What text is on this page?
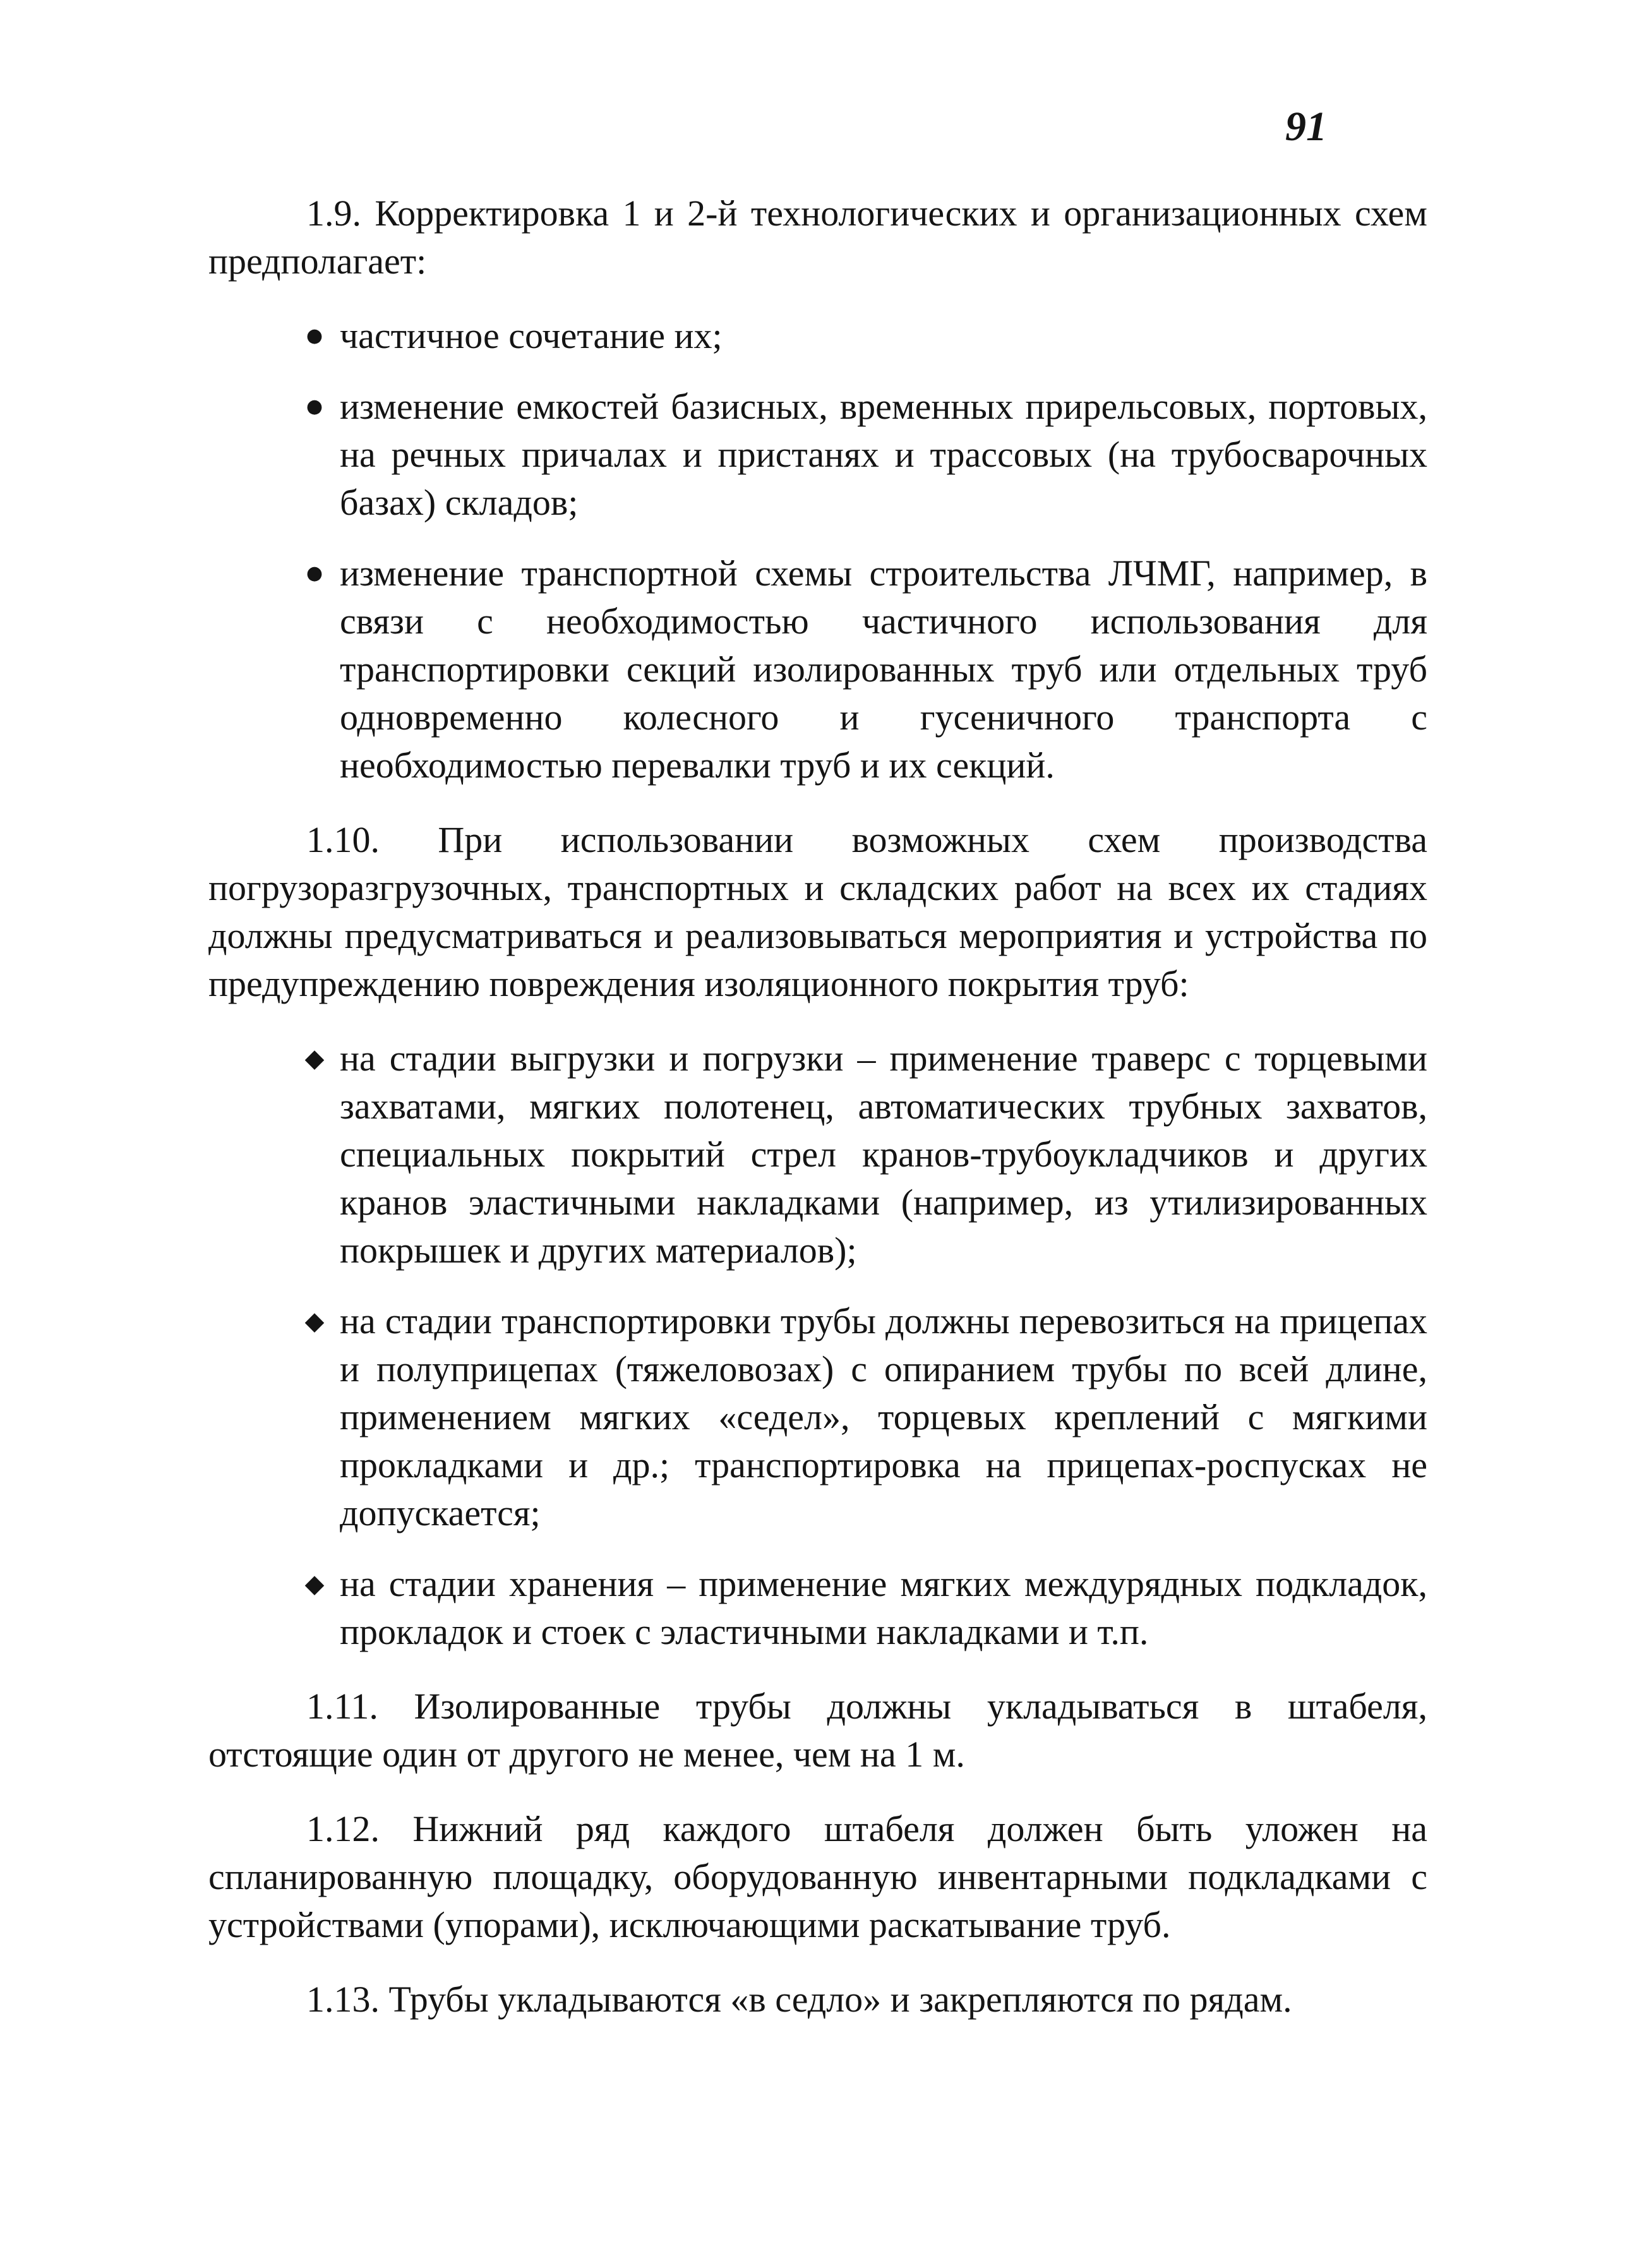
91

1.9. Корректировка 1 и 2-й технологических и организационных схем предполагает:

● частичное сочетание их;
● изменение емкостей базисных, временных прирельсовых, портовых, на речных причалах и пристанях и трассовых (на трубосварочных базах) складов;
● изменение транспортной схемы строительства ЛЧМГ, например, в связи с необходимостью частичного использования для транспортировки секций изолированных труб или отдельных труб одновременно колесного и гусеничного транспорта с необходимостью перевалки труб и их секций.

1.10. При использовании возможных схем производства погрузоразгрузочных, транспортных и складских работ на всех их стадиях должны предусматриваться и реализовываться мероприятия и устройства по предупреждению повреждения изоляционного покрытия труб:

◆ на стадии выгрузки и погрузки – применение траверс с торцевыми захватами, мягких полотенец, автоматических трубных захватов, специальных покрытий стрел кранов-трубоукладчиков и других кранов эластичными накладками (например, из утилизированных покрышек и других материалов);
◆ на стадии транспортировки трубы должны перевозиться на прицепах и полуприцепах (тяжеловозах) с опиранием трубы по всей длине, применением мягких «седел», торцевых креплений с мягкими прокладками и др.; транспортировка на прицепах-роспусках не допускается;
◆ на стадии хранения – применение мягких междурядных подкладок, прокладок и стоек с эластичными накладками и т.п.

1.11. Изолированные трубы должны укладываться в штабеля, отстоящие один от другого не менее, чем на 1 м.

1.12. Нижний ряд каждого штабеля должен быть уложен на спланированную площадку, оборудованную инвентарными подкладками с устройствами (упорами), исключающими раскатывание труб.

1.13. Трубы укладываются «в седло» и закрепляются по рядам.
